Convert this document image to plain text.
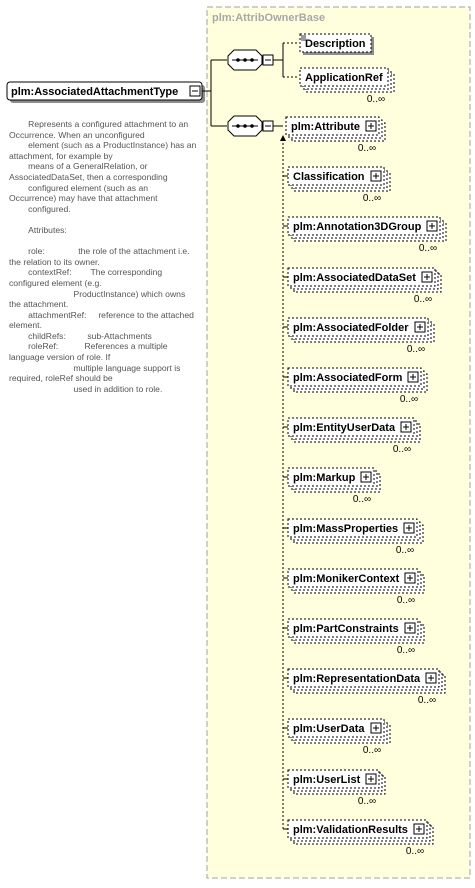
plm:AttribOwnerBase
plm:AssociatedAttachmentType
Description
ApplicationRef
0..∞
plm:Attribute
0..∞
Classification
0..∞
plm:Annotation3DGroup
0..∞
plm:AssociatedDataSet
0..∞
plm:AssociatedFolder
0..∞
plm:AssociatedForm
0..∞
plm:EntityUserData
0..∞
plm:Markup
0..∞
plm:MassProperties
0..∞
plm:MonikerContext
0..∞
plm:PartConstraints
0..∞
plm:RepresentationData
0..∞
plm:UserData
0..∞
plm:UserList
0..∞
plm:ValidationResults
0..∞
Represents a configured attachment to an Occurrence. When an unconfigured
element (such as a ProductInstance) has an attachment, for example by
means of a GeneralRelation, or AssociatedDataSet, then a corresponding
configured element (such as an Occurrence) may have that attachment
configured.

Attributes:

role:              the role of the attachment i.e. the relation to its owner.
contextRef:        The corresponding configured element (e.g.
ProductInstance) which owns the attachment.
attachmentRef:     reference to the attached element.
childRefs:         sub-Attachments
roleRef:           References a multiple language version of role. If
multiple language support is required, roleRef should be
used in addition to role.
